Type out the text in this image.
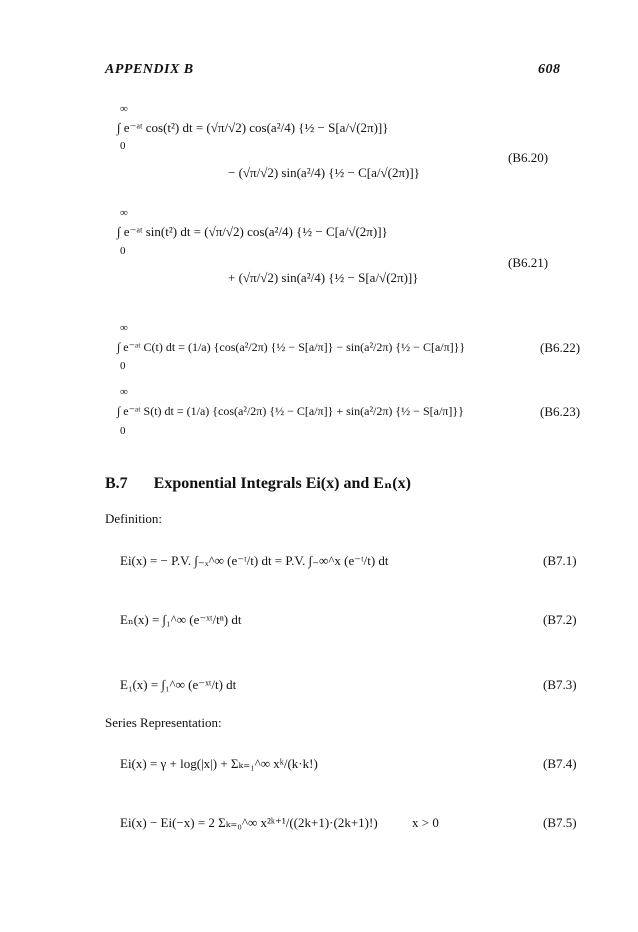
APPENDIX B	608
∞
0
∫ e⁻ᵃᵗ cos(t²) dt = (√π/√2) cos(a²/4) {½ − S[a/√(2π)]}
− (√π/√2) sin(a²/4) {½ − C[a/√(2π)]}
(B6.20)
∞
0
∫ e⁻ᵃᵗ sin(t²) dt = (√π/√2) cos(a²/4) {½ − C[a/√(2π)]}
+ (√π/√2) sin(a²/4) {½ − S[a/√(2π)]}
(B6.21)
∞
0
∫ e⁻ᵃᵗ C(t) dt = (1/a) {cos(a²/2π) {½ − S[a/π]} − sin(a²/2π) {½ − C[a/π]}}	(B6.22)
∞
0
∫ e⁻ᵃᵗ S(t) dt = (1/a) {cos(a²/2π) {½ − C[a/π]} + sin(a²/2π) {½ − S[a/π]}}	(B6.23)
B.7 Exponential Integrals Ei(x) and Eₙ(x)
Definition:
Ei(x) = − P.V. ∫₋ₓ^∞ (e⁻ᵗ/t) dt = P.V. ∫₋∞^x (e⁻ᵗ/t) dt	(B7.1)
Eₙ(x) = ∫₁^∞ (e⁻ˣᵗ/tⁿ) dt	(B7.2)
E₁(x) = ∫₁^∞ (e⁻ˣᵗ/t) dt	(B7.3)
Series Representation:
Ei(x) = γ + log(|x|) + Σₖ₌₁^∞ xᵏ/(k·k!)	(B7.4)
Ei(x) − Ei(−x) = 2 Σₖ₌₀^∞ x²ᵏ⁺¹/((2k+1)·(2k+1)!)	x > 0	(B7.5)
